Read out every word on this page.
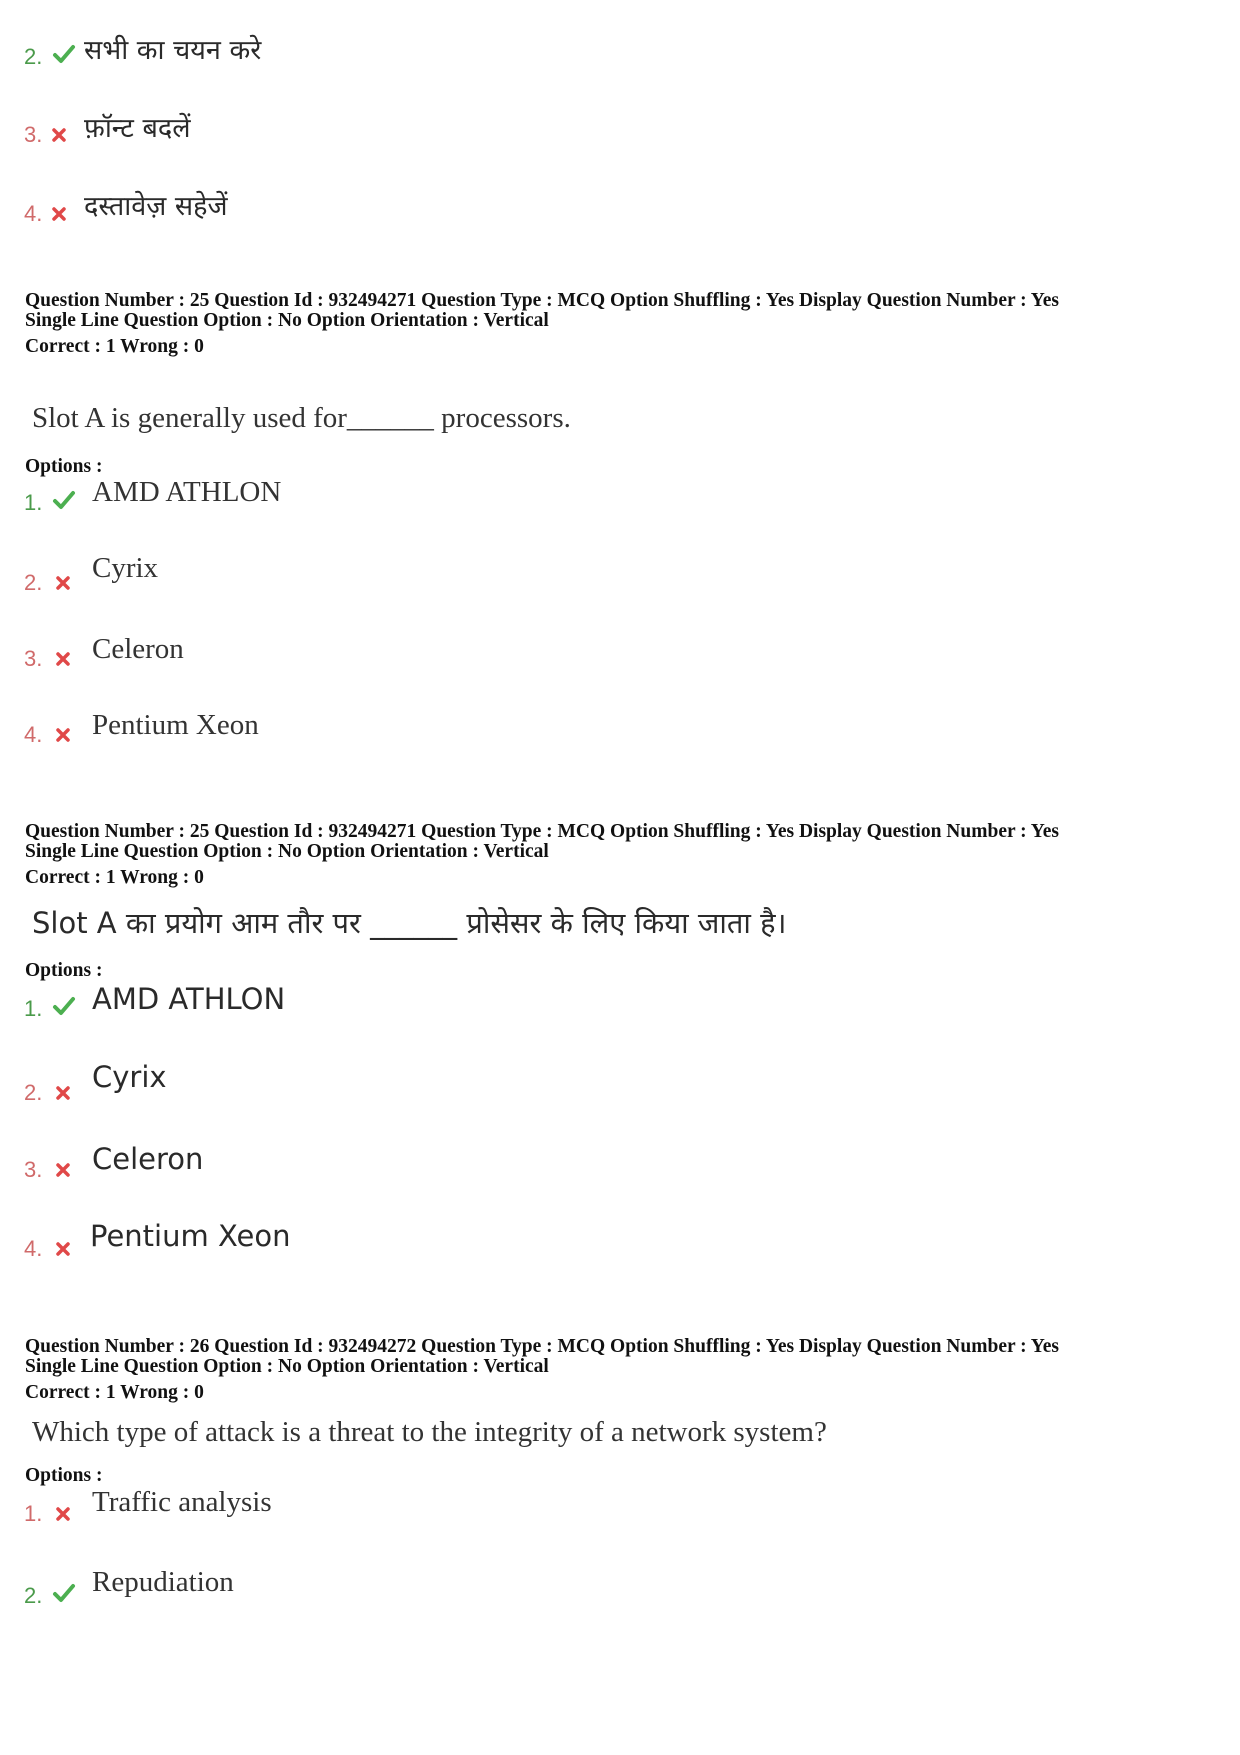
2. सभी का चयन करे
3. फ़ॉन्ट बदलें
4. दस्तावेज़ सहेजें
Question Number : 25 Question Id : 932494271 Question Type : MCQ Option Shuffling : Yes Display Question Number : Yes
Single Line Question Option : No Option Orientation : Vertical
Correct : 1 Wrong : 0
Slot A is generally used for______ processors.
Options :
1. AMD ATHLON
2. Cyrix
3. Celeron
4. Pentium Xeon
Question Number : 25 Question Id : 932494271 Question Type : MCQ Option Shuffling : Yes Display Question Number : Yes
Single Line Question Option : No Option Orientation : Vertical
Correct : 1 Wrong : 0
Slot A का प्रयोग आम तौर पर ______ प्रोसेसर के लिए किया जाता है।
Options :
1. AMD ATHLON
2. Cyrix
3. Celeron
4. Pentium Xeon
Question Number : 26 Question Id : 932494272 Question Type : MCQ Option Shuffling : Yes Display Question Number : Yes
Single Line Question Option : No Option Orientation : Vertical
Correct : 1 Wrong : 0
Which type of attack is a threat to the integrity of a network system?
Options :
1. Traffic analysis
2. Repudiation
